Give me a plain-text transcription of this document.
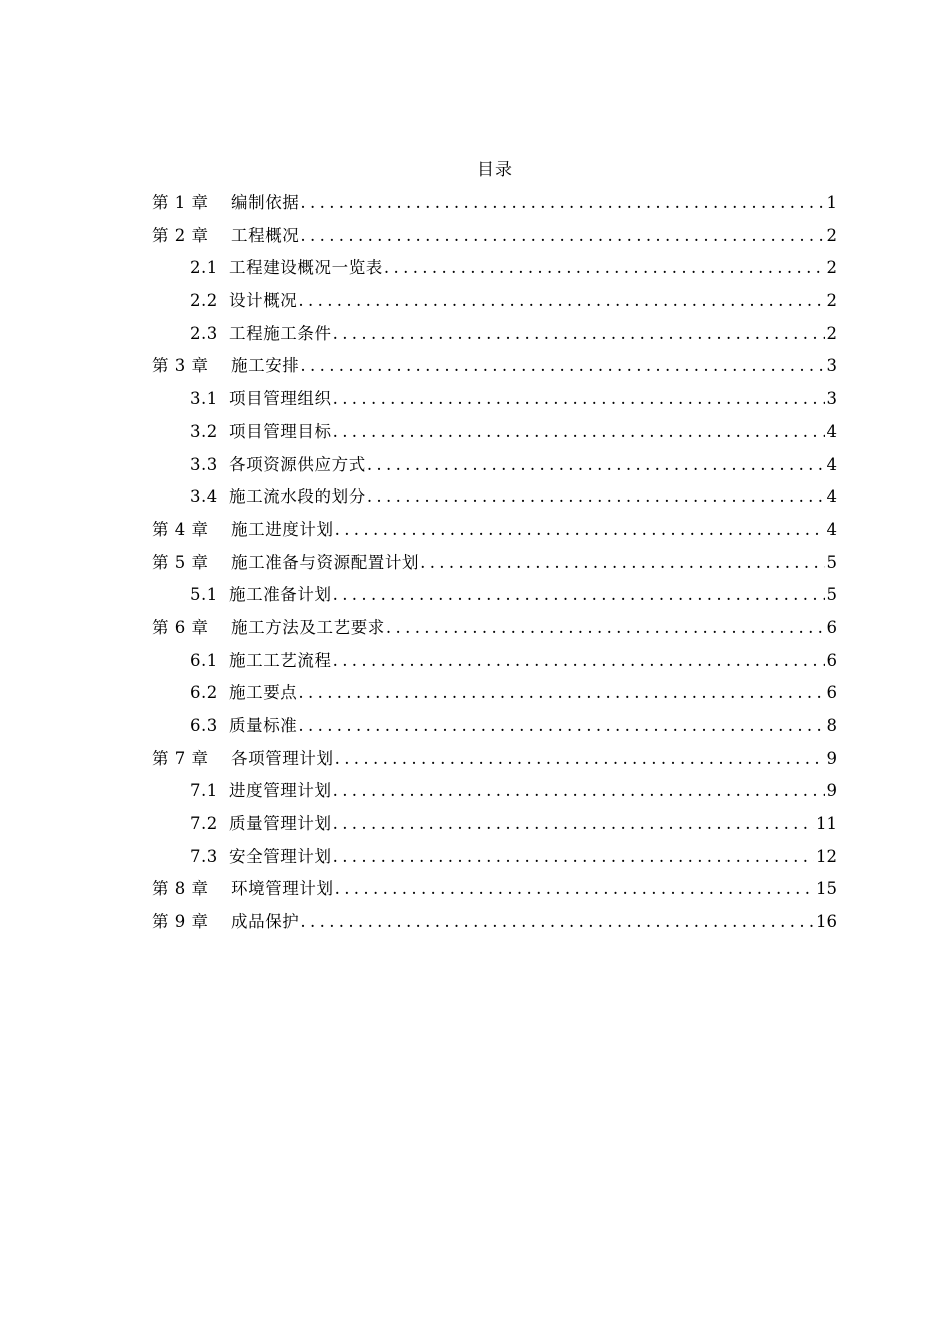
目录
第 1 章	编制依据 .....	1
第 2 章	工程概况 .....	2
2.1 工程建设概况一览表 .....	2
2.2 设计概况 .....	2
2.3 工程施工条件 .....	2
第 3 章	施工安排 .....	3
3.1 项目管理组织 .....	3
3.2 项目管理目标 .....	4
3.3 各项资源供应方式 .....	4
3.4 施工流水段的划分 .....	4
第 4 章	施工进度计划 .....	4
第 5 章	施工准备与资源配置计划 .....	5
5.1 施工准备计划 .....	5
第 6 章	施工方法及工艺要求 .....	6
6.1 施工工艺流程 .....	6
6.2 施工要点 .....	6
6.3 质量标准 .....	8
第 7 章	各项管理计划 .....	9
7.1 进度管理计划 .....	9
7.2 质量管理计划 .....	11
7.3 安全管理计划 .....	12
第 8 章	环境管理计划 .....	15
第 9 章	成品保护 .....	16
